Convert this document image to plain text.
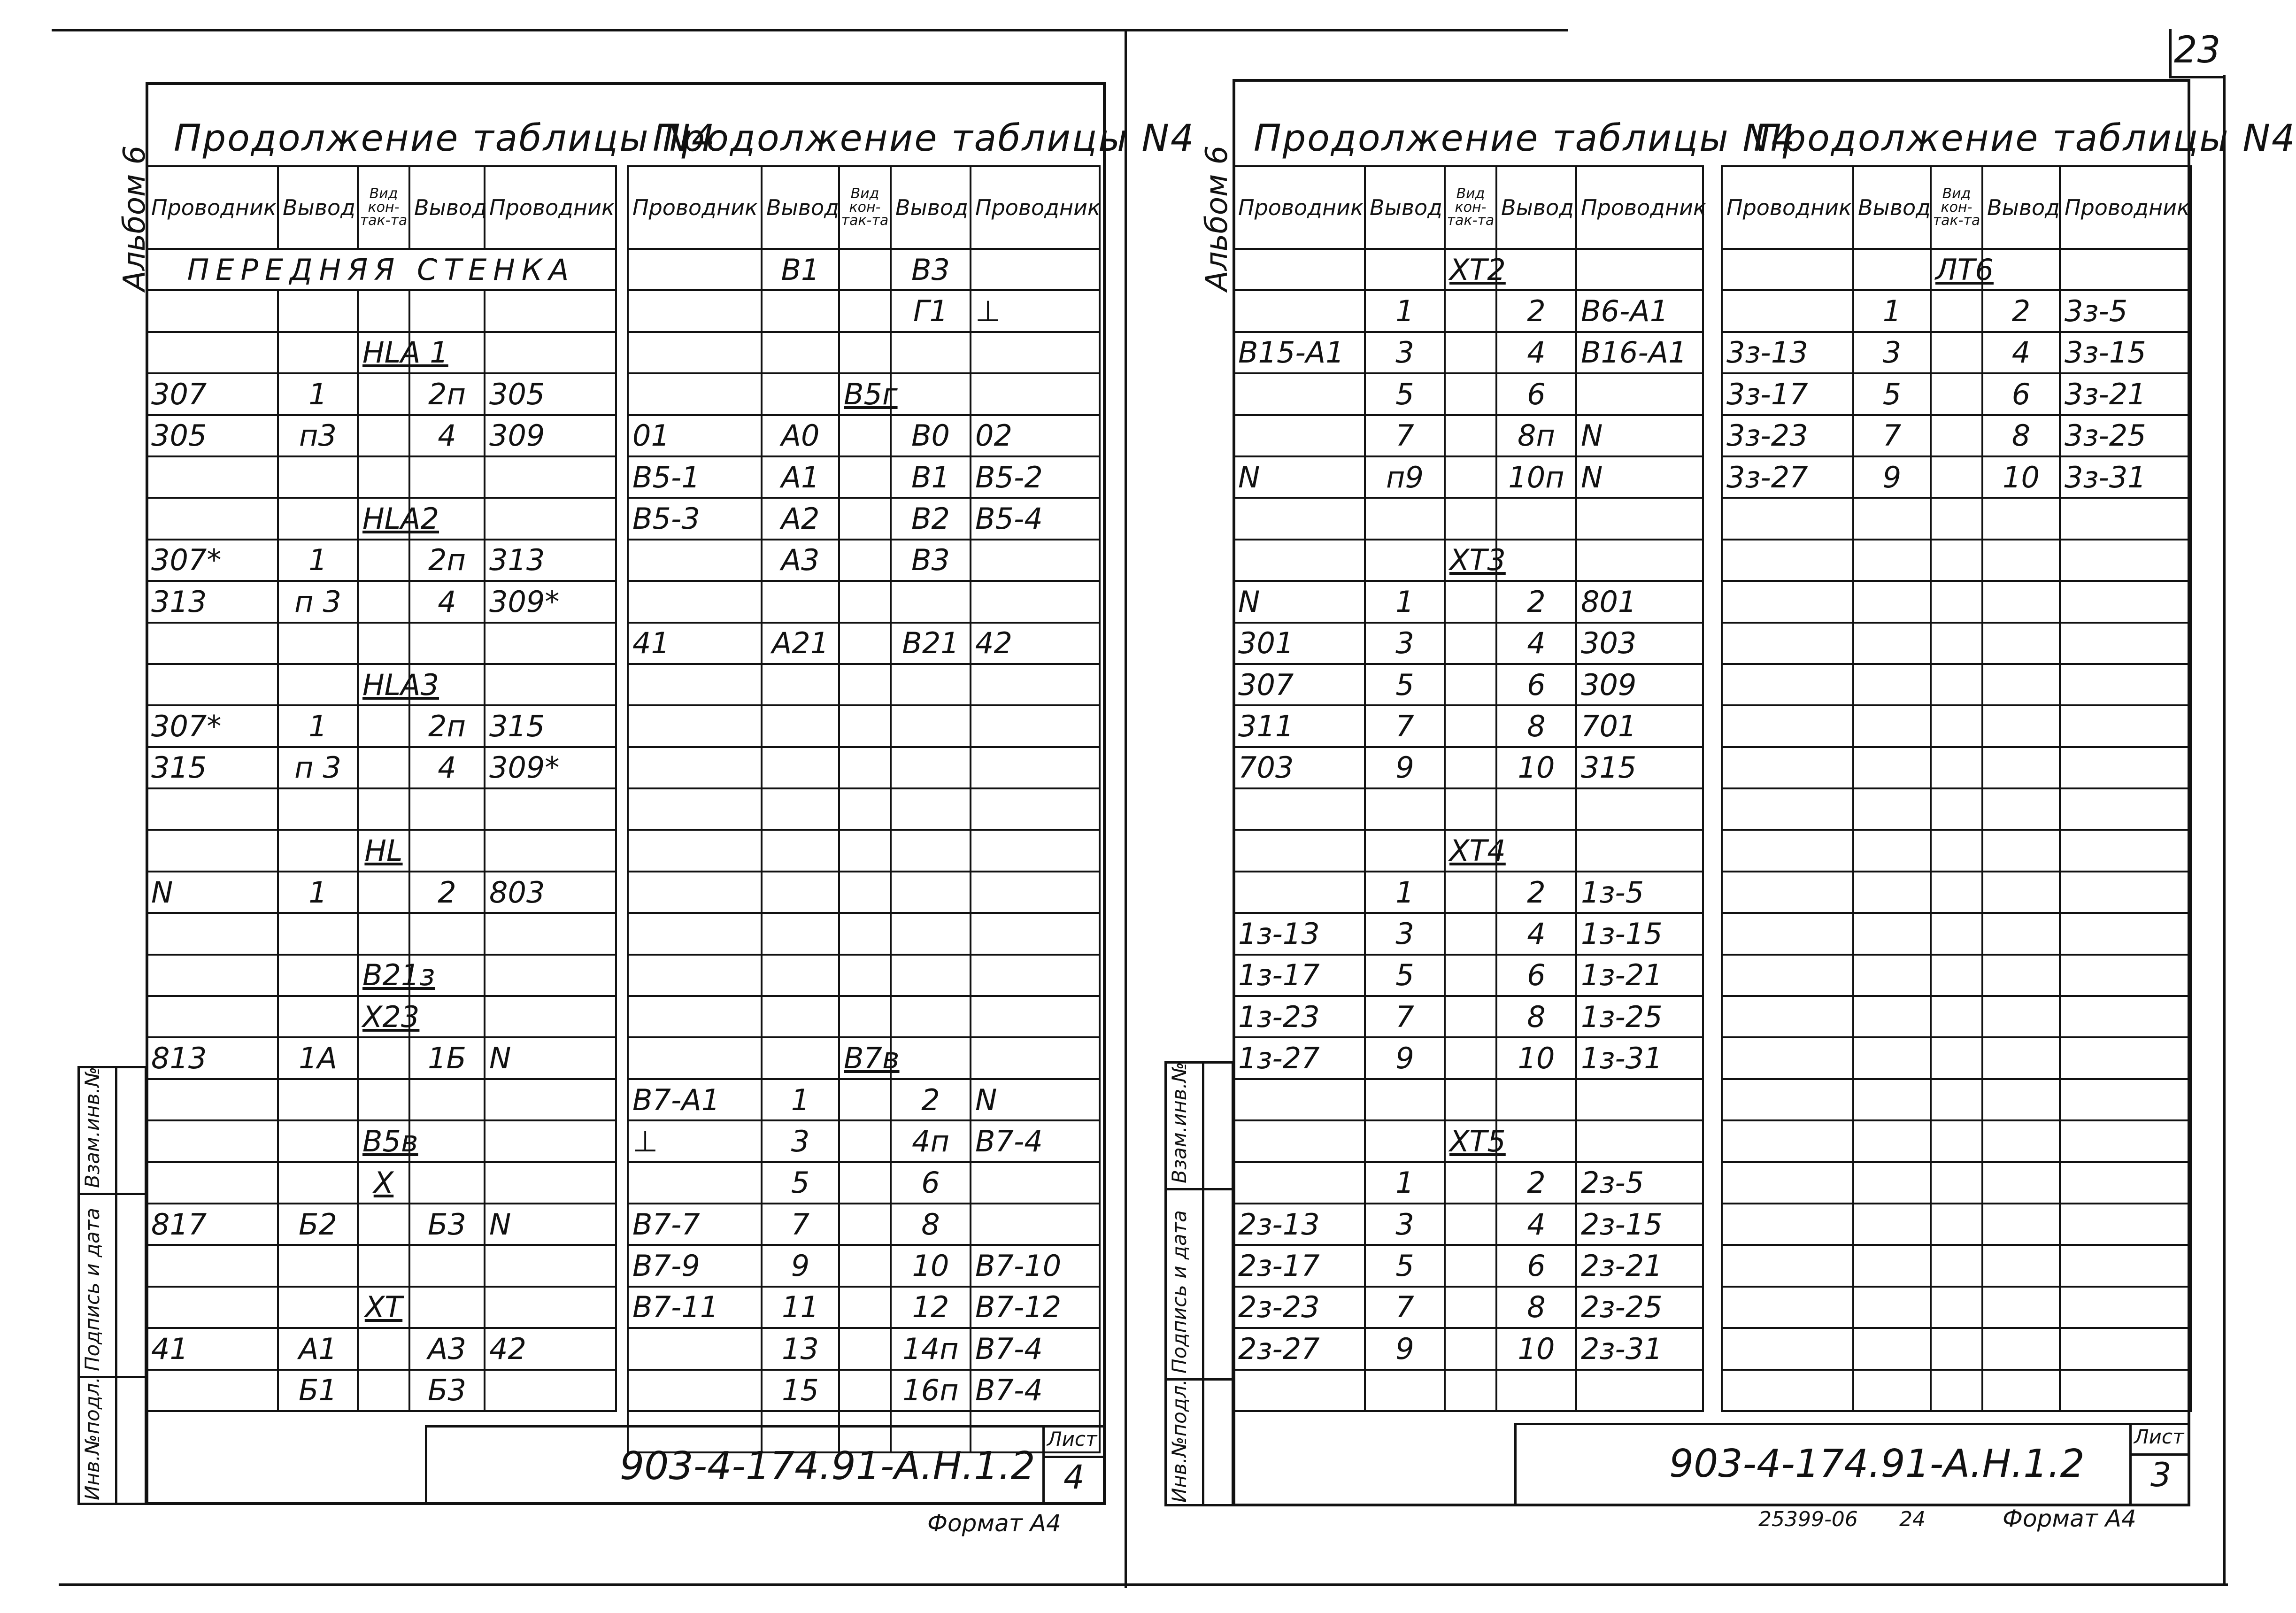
23
Альбом 6
Инв.№подл.
Подпись и дата
Взам.инв.№
Продолжение таблицы N4
Продолжение таблицы N4
Проводник	Вывод	Вид кон-так-та	Вывод	Проводник
ПЕРЕДНЯЯ СТЕНКА				

		HLA 1		
307	1		2п	305
305	п3		4	309

		HLA2		
307*	1		2п	313
313	п 3		4	309*

		HLA3		
307*	1		2п	315
315	п 3		4	309*

		HL		
N	1		2	803

		В21з		
		Х23		
813	1А		1Б	N

		В5в		
		Х		
817	Б2		Б3	N

		ХТ		
41	А1		А3	42
	Б1		Б3	
Проводник	Вывод	Вид кон-так-та	Вывод	Проводник
	В1		В3	
			Г1	⊥

		В5г		
01	А0		В0	02
В5-1	А1		В1	В5-2
В5-3	А2		В2	В5-4
	А3		В3	

41	А21		В21	42

		В7в		
В7-А1	1		2	N
⊥	3		4п	В7-4
	5		6	
В7-7	7		8	
В7-9	9		10	В7-10
В7-11	11		12	В7-12
	13		14п	В7-4
	15		16п	В7-4

903-4-174.91-А.Н.1.2
Лист
4
Формат А4
Альбом 6
Инв.№подл.
Подпись и дата
Взам.инв.№
Продолжение таблицы N4
Продолжение таблицы N4
Проводник	Вывод	Вид кон-так-та	Вывод	Проводник
		ХТ2		
	1		2	В6-А1
В15-А1	3		4	В16-А1
	5		6	
	7		8п	N
N	п9		10п	N

		ХТ3		
N	1		2	801
301	3		4	303
307	5		6	309
311	7		8	701
703	9		10	315

		ХТ4		
	1		2	1з-5
1з-13	3		4	1з-15
1з-17	5		6	1з-21
1з-23	7		8	1з-25
1з-27	9		10	1з-31

		ХТ5		
	1		2	2з-5
2з-13	3		4	2з-15
2з-17	5		6	2з-21
2з-23	7		8	2з-25
2з-27	9		10	2з-31

Проводник	Вывод	Вид кон-так-та	Вывод	Проводник
		ЛТ6		
	1		2	3з-5
3з-13	3		4	3з-15
3з-17	5		6	3з-21
3з-23	7		8	3з-25
3з-27	9		10	3з-31

903-4-174.91-А.Н.1.2
Лист
3
25399-06 24	Формат А4
